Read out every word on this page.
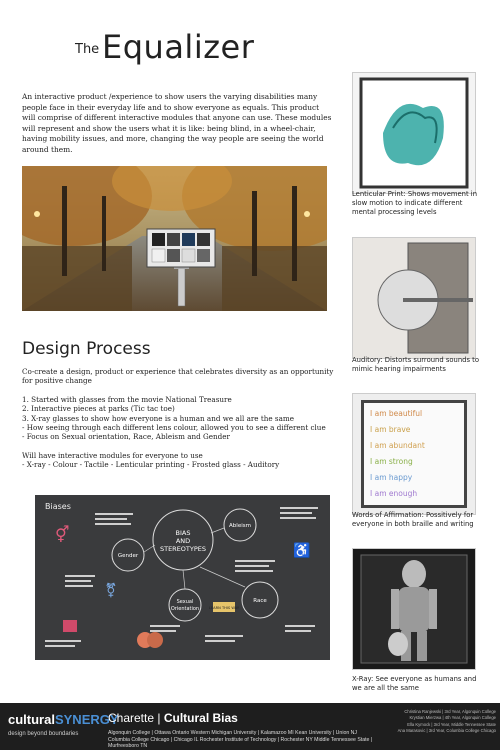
The Equalizer
An interactive product /experience to show users the varying disabilities many people face in their everyday life and to show everyone as equals. This product will comprise of different interactive modules that anyone can use. These modules will represent and show the users what it is like: being blind, in a wheel-chair, having mobility issues, and more, changing the way people are seeing the world around them.
Design Process

Co-create a design, product or experience that celebrates diversity as an opportunity for positive change

1. Started with glasses from the movie National Treasure

2. Interactive pieces at parks (Tic tac toe)

3. X-ray glasses to show how everyone is a human and we all are the same

- How seeing through each different lens colour, allowed you to see a different clue

- Focus on Sexual orientation, Race, Ableism and Gender

Will have interactive modules for everyone to use

- X-ray - Colour - Tactile - Lenticular printing - Frosted glass - Auditory

Biases
BIAS AND STEREOTYPES
Gender
Ableism
Race
Sexual Orientation
⚥
⚧
♿
LEARN THIS WAY
Lenticular Print: Shows movement in slow motion to indicate different mental processing levels
Auditory: Distorts surround sounds to mimic hearing impairments
I am beautiful
I am brave
I am abundant
I am strong
I am happy
I am enough
Words of Affirmation: Possitively for everyone in both braille and writing
X-Ray: See everyone as humans and we are all the same
culturalSYNERGY
design beyond boundaries
Charette | Cultural Bias
Algonquin College | Ottawa Ontario Western Michigan University | Kalamazoo MI Kean University | Union NJ
Columbia College Chicago | Chicago IL Rochester Institute of Technology | Rochester NY Middle Tennessee State | Murfreesboro TN
Christina Ranjewski | 3rd Year, Algonquin College
Krystian Mierzwa | 4th Year, Algonquin College
Ella Kymock | 3rd Year, Middle Tennessee State
Ana Marasovic | 3rd Year, Columbia College Chicago
